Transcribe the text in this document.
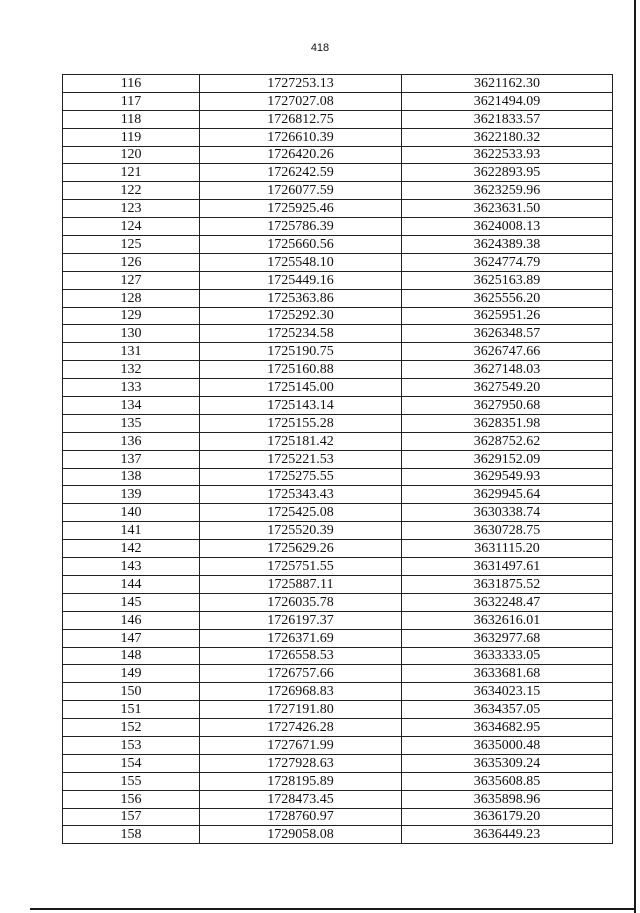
418
116	1727253.13	3621162.30
117	1727027.08	3621494.09
118	1726812.75	3621833.57
119	1726610.39	3622180.32
120	1726420.26	3622533.93
121	1726242.59	3622893.95
122	1726077.59	3623259.96
123	1725925.46	3623631.50
124	1725786.39	3624008.13
125	1725660.56	3624389.38
126	1725548.10	3624774.79
127	1725449.16	3625163.89
128	1725363.86	3625556.20
129	1725292.30	3625951.26
130	1725234.58	3626348.57
131	1725190.75	3626747.66
132	1725160.88	3627148.03
133	1725145.00	3627549.20
134	1725143.14	3627950.68
135	1725155.28	3628351.98
136	1725181.42	3628752.62
137	1725221.53	3629152.09
138	1725275.55	3629549.93
139	1725343.43	3629945.64
140	1725425.08	3630338.74
141	1725520.39	3630728.75
142	1725629.26	3631115.20
143	1725751.55	3631497.61
144	1725887.11	3631875.52
145	1726035.78	3632248.47
146	1726197.37	3632616.01
147	1726371.69	3632977.68
148	1726558.53	3633333.05
149	1726757.66	3633681.68
150	1726968.83	3634023.15
151	1727191.80	3634357.05
152	1727426.28	3634682.95
153	1727671.99	3635000.48
154	1727928.63	3635309.24
155	1728195.89	3635608.85
156	1728473.45	3635898.96
157	1728760.97	3636179.20
158	1729058.08	3636449.23
